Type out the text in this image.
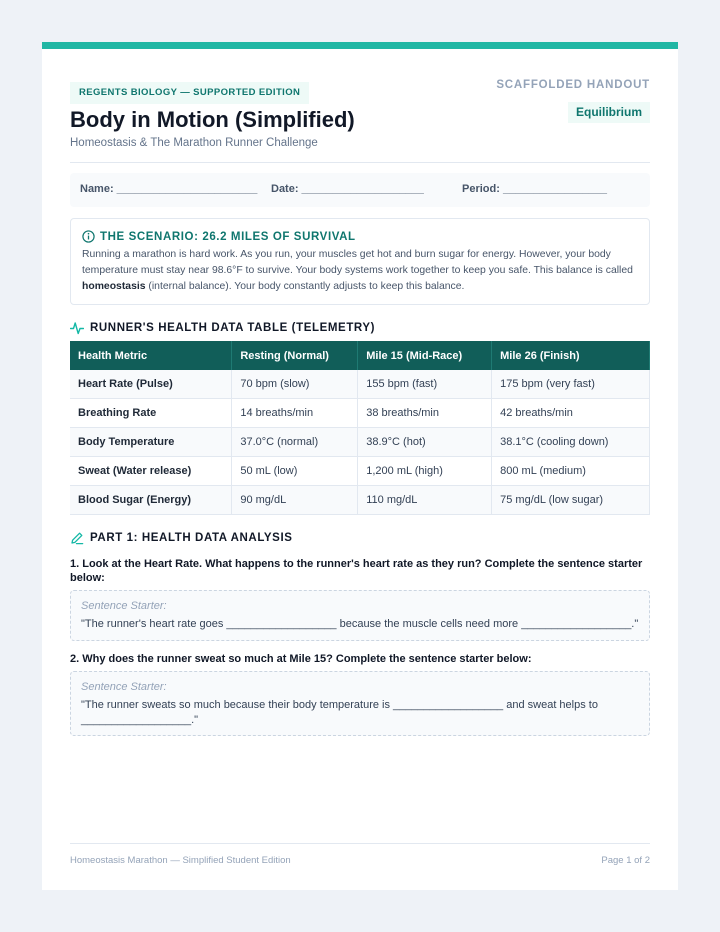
REGENTS BIOLOGY — SUPPORTED EDITION
SCAFFOLDED HANDOUT
Equilibrium
Body in Motion (Simplified)
Homeostasis & The Marathon Runner Challenge
Name: _______________________ Date: ____________________	Period: _________________
THE SCENARIO: 26.2 MILES OF SURVIVAL
Running a marathon is hard work. As you run, your muscles get hot and burn sugar for energy. However, your body temperature must stay near 98.6°F to survive. Your body systems work together to keep you safe. This balance is called homeostasis (internal balance). Your body constantly adjusts to keep this balance.
RUNNER'S HEALTH DATA TABLE (TELEMETRY)
Health Metric	Resting (Normal)	Mile 15 (Mid-Race)	Mile 26 (Finish)
Heart Rate (Pulse)	70 bpm (slow)	155 bpm (fast)	175 bpm (very fast)
Breathing Rate	14 breaths/min	38 breaths/min	42 breaths/min
Body Temperature	37.0°C (normal)	38.9°C (hot)	38.1°C (cooling down)
Sweat (Water release)	50 mL (low)	1,200 mL (high)	800 mL (medium)
Blood Sugar (Energy)	90 mg/dL	110 mg/dL	75 mg/dL (low sugar)
PART 1: HEALTH DATA ANALYSIS
1. Look at the Heart Rate. What happens to the runner's heart rate as they run? Complete the sentence starter below:
Sentence Starter:
"The runner's heart rate goes __________________ because the muscle cells need more __________________."
2. Why does the runner sweat so much at Mile 15? Complete the sentence starter below:
Sentence Starter:
"The runner sweats so much because their body temperature is __________________ and sweat helps to __________________."
Homeostasis Marathon — Simplified Student Edition	Page 1 of 2
